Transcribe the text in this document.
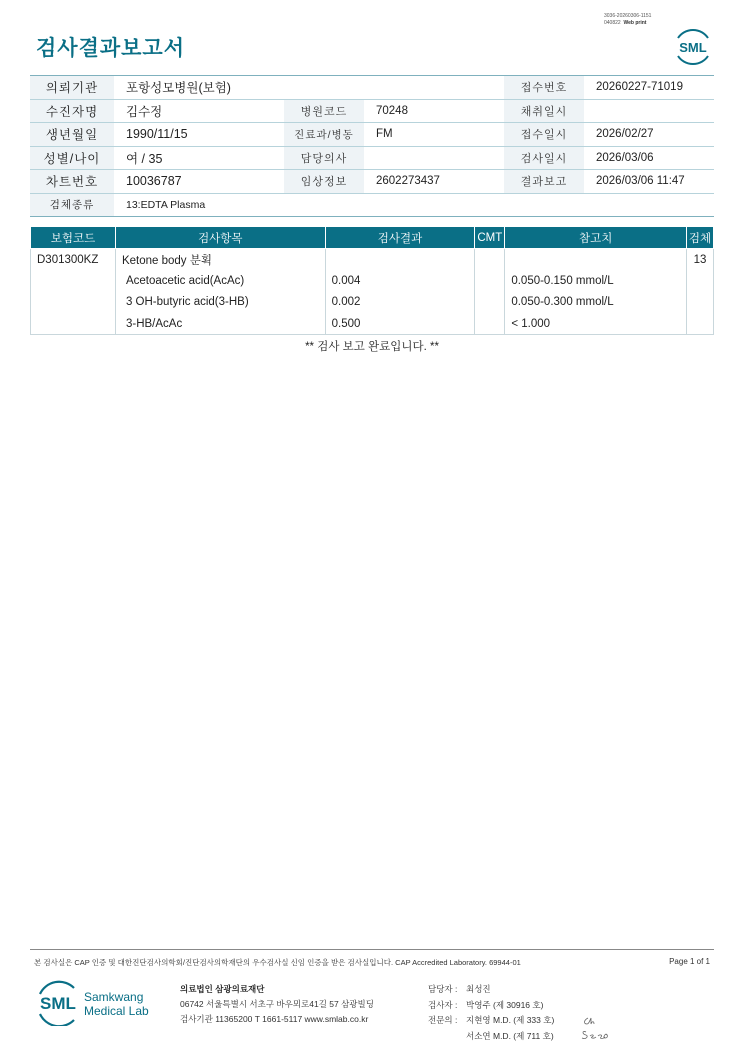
검사결과보고서
3036-20260306-1151
040822 Web print
SML
의뢰기관	포항성모병원(보험)			접수번호	20260227-71019
수진자명	김수정	병원코드	70248	채취일시	
생년월일	1990/11/15	진료과/병동	FM	접수일시	2026/02/27
성별/나이	여 / 35	담당의사		검사일시	2026/03/06
차트번호	10036787	임상정보	2602273437	결과보고	2026/03/06 11:47
검체종류	13:EDTA Plasma				
보험코드	검사항목	검사결과	CMT	참고치	검체
D301300KZ	Ketone body 분획				13
	Acetoacetic acid(AcAc)	0.004		0.050-0.150 mmol/L	
	3 OH-butyric acid(3-HB)	0.002		0.050-0.300 mmol/L	
	3-HB/AcAc	0.500		< 1.000	
** 검사 보고 완료입니다. **
본 검사실은 CAP 인증 및 대한진단검사의학회/진단검사의학재단의 우수검사실 신임 인증을 받은 검사실입니다. CAP Accredited Laboratory. 69944-01	Page 1 of 1
SML Samkwang
Medical Lab
의료법인 삼광의료재단
06742 서울특별시 서초구 바우뫼로41길 57 삼광빌딩
검사기관 11365200 T 1661-5117 www.smlab.co.kr
담당자 : 최성진
검사자 : 박영주 (제 30916 호)
전문의 : 지현영 M.D. (제 333 호)
서소연 M.D. (제 711 호)
